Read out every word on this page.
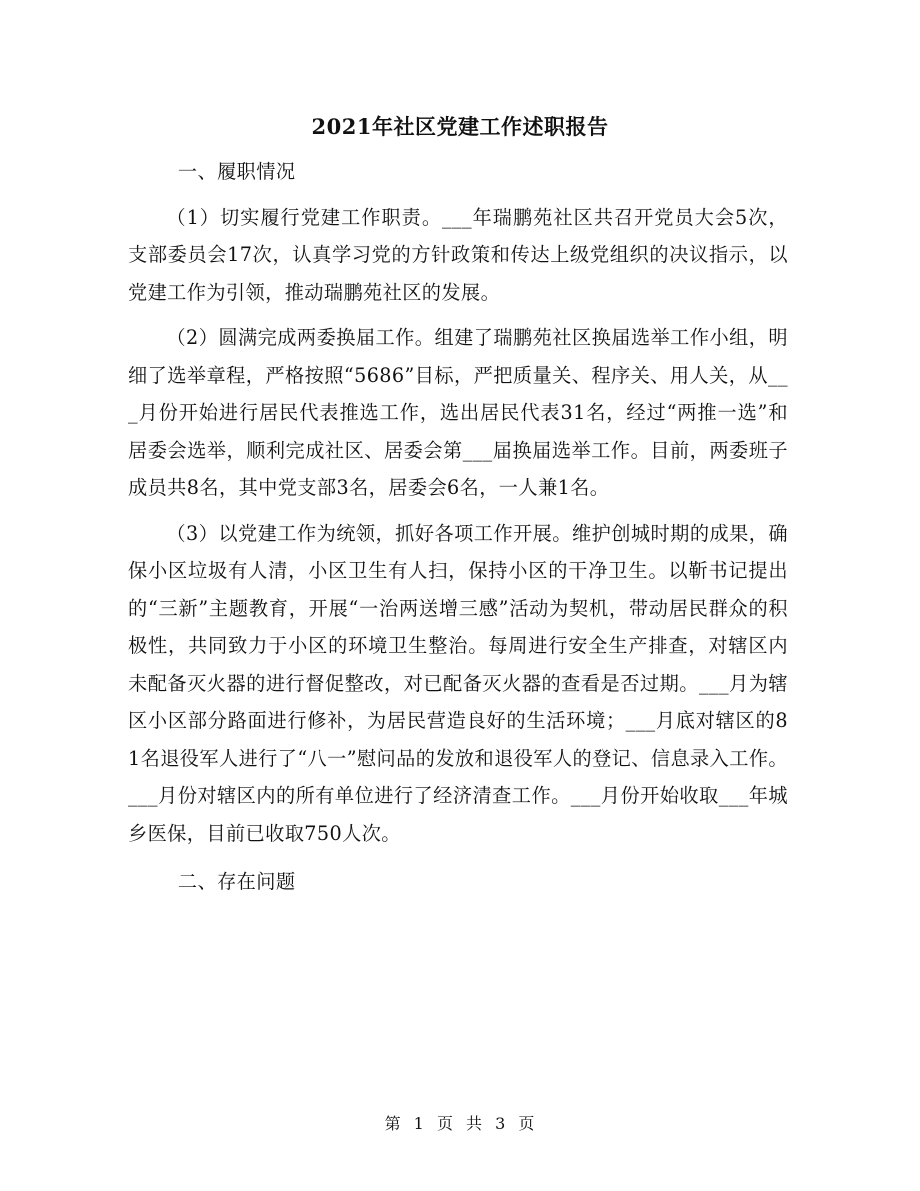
2021年社区党建工作述职报告

一、履职情况

（1）切实履行党建工作职责。___年瑞鹏苑社区共召开党员大会5次，支部委员会17次，认真学习党的方针政策和传达上级党组织的决议指示，以党建工作为引领，推动瑞鹏苑社区的发展。

（2）圆满完成两委换届工作。组建了瑞鹏苑社区换届选举工作小组，明细了选举章程，严格按照“5686”目标，严把质量关、程序关、用人关，从___月份开始进行居民代表推选工作，选出居民代表31名，经过“两推一选”和居委会选举，顺利完成社区、居委会第___届换届选举工作。目前，两委班子成员共8名，其中党支部3名，居委会6名，一人兼1名。

（3）以党建工作为统领，抓好各项工作开展。维护创城时期的成果，确保小区垃圾有人清，小区卫生有人扫，保持小区的干净卫生。以靳书记提出的“三新”主题教育，开展“一治两送增三感”活动为契机，带动居民群众的积极性，共同致力于小区的环境卫生整治。每周进行安全生产排查，对辖区内未配备灭火器的进行督促整改，对已配备灭火器的查看是否过期。___月为辖区小区部分路面进行修补，为居民营造良好的生活环境；___月底对辖区的81名退役军人进行了“八一”慰问品的发放和退役军人的登记、信息录入工作。___月份对辖区内的所有单位进行了经济清查工作。___月份开始收取___年城乡医保，目前已收取750人次。

二、存在问题

第 1 页 共 3 页
